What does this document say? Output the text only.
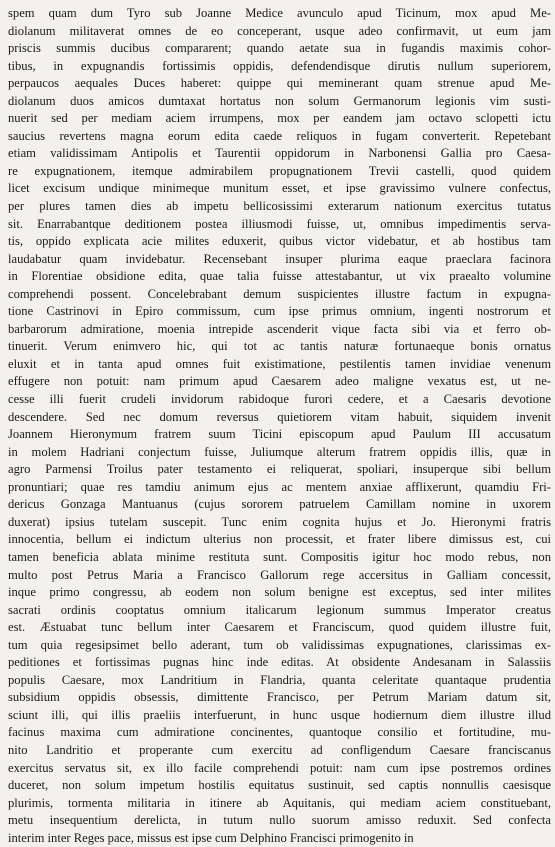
spem quam dum Tyro sub Joanne Medice avunculo apud Ticinum, mox apud Me-
diolanum militaverat omnes de eo conceperant, usque adeo confirmavit, ut eum jam
priscis summis ducibus compararent; quando aetate sua in fugandis maximis cohor-
tibus, in expugnandis fortissimis oppidis, defendendisque dirutis nullum superiorem,
perpaucos aequales Duces haberet: quippe qui meminerant quam strenue apud Me-
diolanum duos amicos dumtaxat hortatus non solum Germanorum legionis vim susti-
nuerit sed per mediam aciem irrumpens, mox per eandem jam octavo sclopetti ictu
saucius revertens magna eorum edita caede reliquos in fugam converterit. Repetebant
etiam validissimam Antipolis et Taurentii oppidorum in Narbonensi Gallia pro Caesa-
re expugnationem, itemque admirabilem propugnationem Trevii castelli, quod quidem
licet excisum undique minimeque munitum esset, et ipse gravissimo vulnere confectus,
per plures tamen dies ab impetu bellicosissimi exterarum nationum exercitus tutatus
sit. Enarrabantque deditionem postea illiusmodi fuisse, ut, omnibus impedimentis serva-
tis, oppido explicata acie milites eduxerit, quibus victor videbatur, et ab hostibus tam
laudabatur quam invidebatur. Recensebant insuper plurima eaque praeclara facinora
in Florentiae obsidione edita, quae talia fuisse attestabantur, ut vix praealto volumine
comprehendi possent. Concelebrabant demum suspicientes illustre factum in expugna-
tione Castrinovi in Epiro commissum, cum ipse primus omnium, ingenti nostrorum et
barbarorum admiratione, moenia intrepide ascenderit vique facta sibi via et ferro ob-
tinuerit. Verum enimvero hic, qui tot ac tantis naturæ fortunaeque bonis ornatus
eluxit et in tanta apud omnes fuit existimatione, pestilentis tamen invidiae venenum
effugere non potuit: nam primum apud Caesarem adeo maligne vexatus est, ut ne-
cesse illi fuerit crudeli invidorum rabidoque furori cedere, et a Caesaris devotione
descendere. Sed nec domum reversus quietiorem vitam habuit, siquidem invenit
Joannem Hieronymum fratrem suum Ticini episcopum apud Paulum III accusatum
in molem Hadriani conjectum fuisse, Juliumque alterum fratrem oppidis illis, quæ in
agro Parmensi Troilus pater testamento ei reliquerat, spoliari, insuperque sibi bellum
pronuntiari; quae res tamdiu animum ejus ac mentem anxiae afflixerunt, quamdiu Fri-
dericus Gonzaga Mantuanus (cujus sororem patruelem Camillam nomine in uxorem
duxerat) ipsius tutelam suscepit. Tunc enim cognita hujus et Jo. Hieronymi fratris
innocentia, bellum ei indictum ulterius non processit, et frater libere dimissus est, cui
tamen beneficia ablata minime restituta sunt. Compositis igitur hoc modo rebus, non
multo post Petrus Maria a Francisco Gallorum rege accersitus in Galliam concessit,
inque primo congressu, ab eodem non solum benigne est exceptus, sed inter milites
sacrati ordinis cooptatus omnium italicarum legionum summus Imperator creatus
est. Æstuabat tunc bellum inter Caesarem et Franciscum, quod quidem illustre fuit,
tum quia regesipsimet bello aderant, tum ob validissimas expugnationes, clarissimas ex-
peditiones et fortissimas pugnas hinc inde editas. At obsidente Andesanam in Salassiis
populis Caesare, mox Landritium in Flandria, quanta celeritate quantaque prudentia
subsidium oppidis obsessis, dimittente Francisco, per Petrum Mariam datum sit,
sciunt illi, qui illis praeliis interfuerunt, in hunc usque hodiernum diem illustre illud
facinus maxima cum admiratione concinentes, quantoque consilio et fortitudine, mu-
nito Landritio et properante cum exercitu ad confligendum Caesare franciscanus
exercitus servatus sit, ex illo facile comprehendi potuit: nam cum ipse postremos ordines
duceret, non solum impetum hostilis equitatus sustinuit, sed captis nonnullis caesisque
plurimis, tormenta militaria in itinere ab Aquitanis, qui mediam aciem constituebant,
metu insequentium derelicta, in tutum nullo suorum amisso reduxit. Sed confecta
interim inter Reges pace, missus est ipse cum Delphino Francisci primogenito in
